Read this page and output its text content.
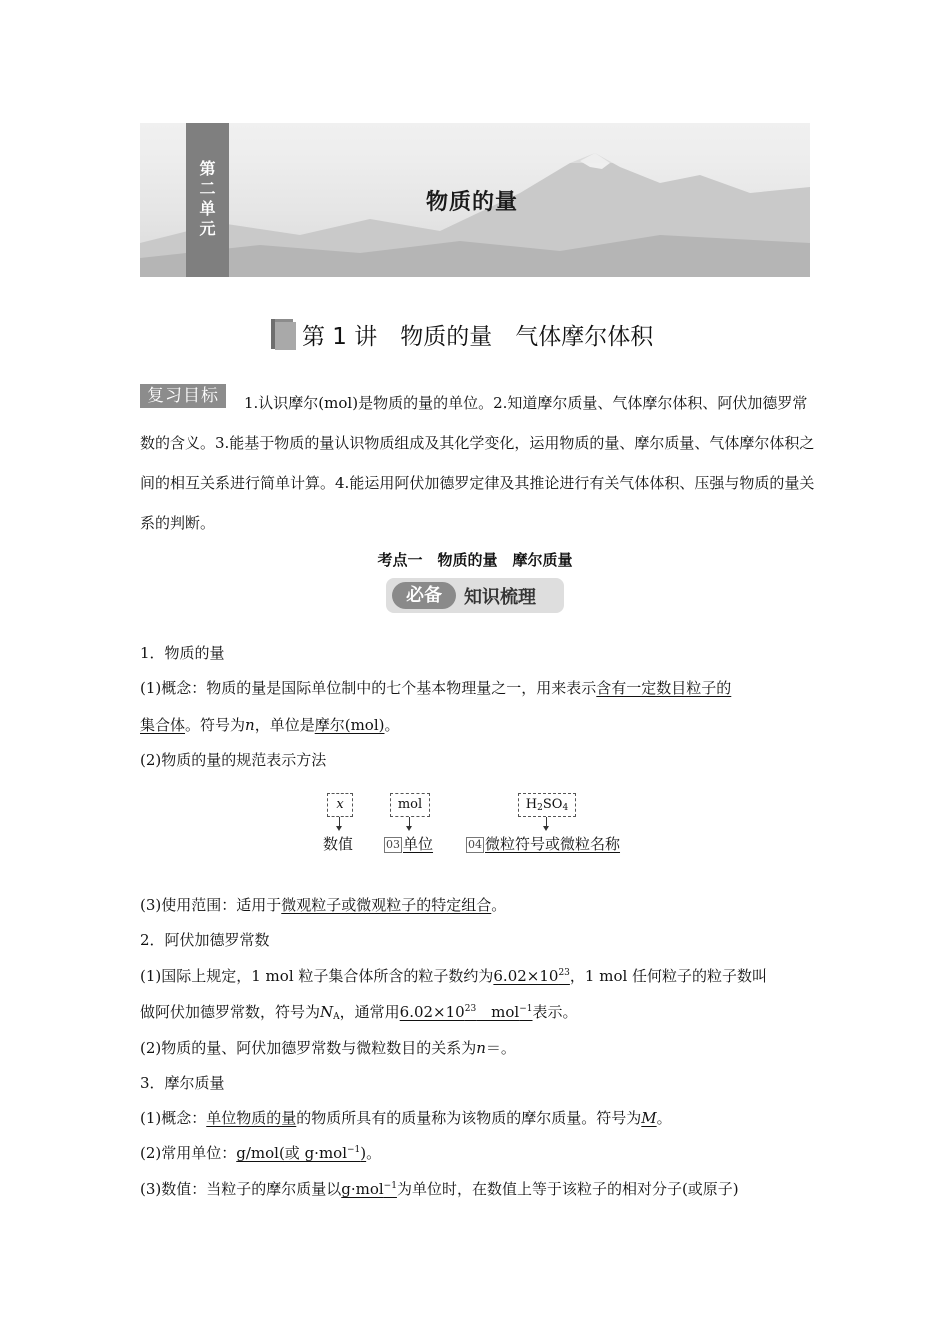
第
二
单
元
物质的量
第 1 讲　物质的量　气体摩尔体积
复习目标	1.认识摩尔(mol)是物质的量的单位。2.知道摩尔质量、气体摩尔体积、阿伏加德罗常数的含义。3.能基于物质的量认识物质组成及其化学变化，运用物质的量、摩尔质量、气体摩尔体积之间的相互关系进行简单计算。4.能运用阿伏加德罗定律及其推论进行有关气体体积、压强与物质的量关系的判断。
考点一　物质的量　摩尔质量
必备	知识梳理
1．物质的量
(1)概念：物质的量是国际单位制中的七个基本物理量之一，用来表示含有一定数目粒子的
集合体。符号为n，单位是摩尔(mol)。
(2)物质的量的规范表示方法
x	mol	$H_2SO_4$
数值	03 单位	04 微粒符号或微粒名称
(3)使用范围：适用于微观粒子或微观粒子的特定组合。
2．阿伏加德罗常数
(1)国际上规定，1 mol 粒子集合体所含的粒子数约为$6.02\times 10^{23}$，1 mol 任何粒子的粒子数叫
做阿伏加德罗常数，符号为$N_A$，通常用$6.02\times 10^{23}$　mol$^{-1}$表示。
(2)物质的量、阿伏加德罗常数与微粒数目的关系为n＝。
3．摩尔质量
(1)概念：单位物质的量的物质所具有的质量称为该物质的摩尔质量。符号为M。
(2)常用单位：g/mol(或 g·mol$^{-1}$)。
(3)数值：当粒子的摩尔质量以g·mol$^{-1}$为单位时，在数值上等于该粒子的相对分子(或原子)
